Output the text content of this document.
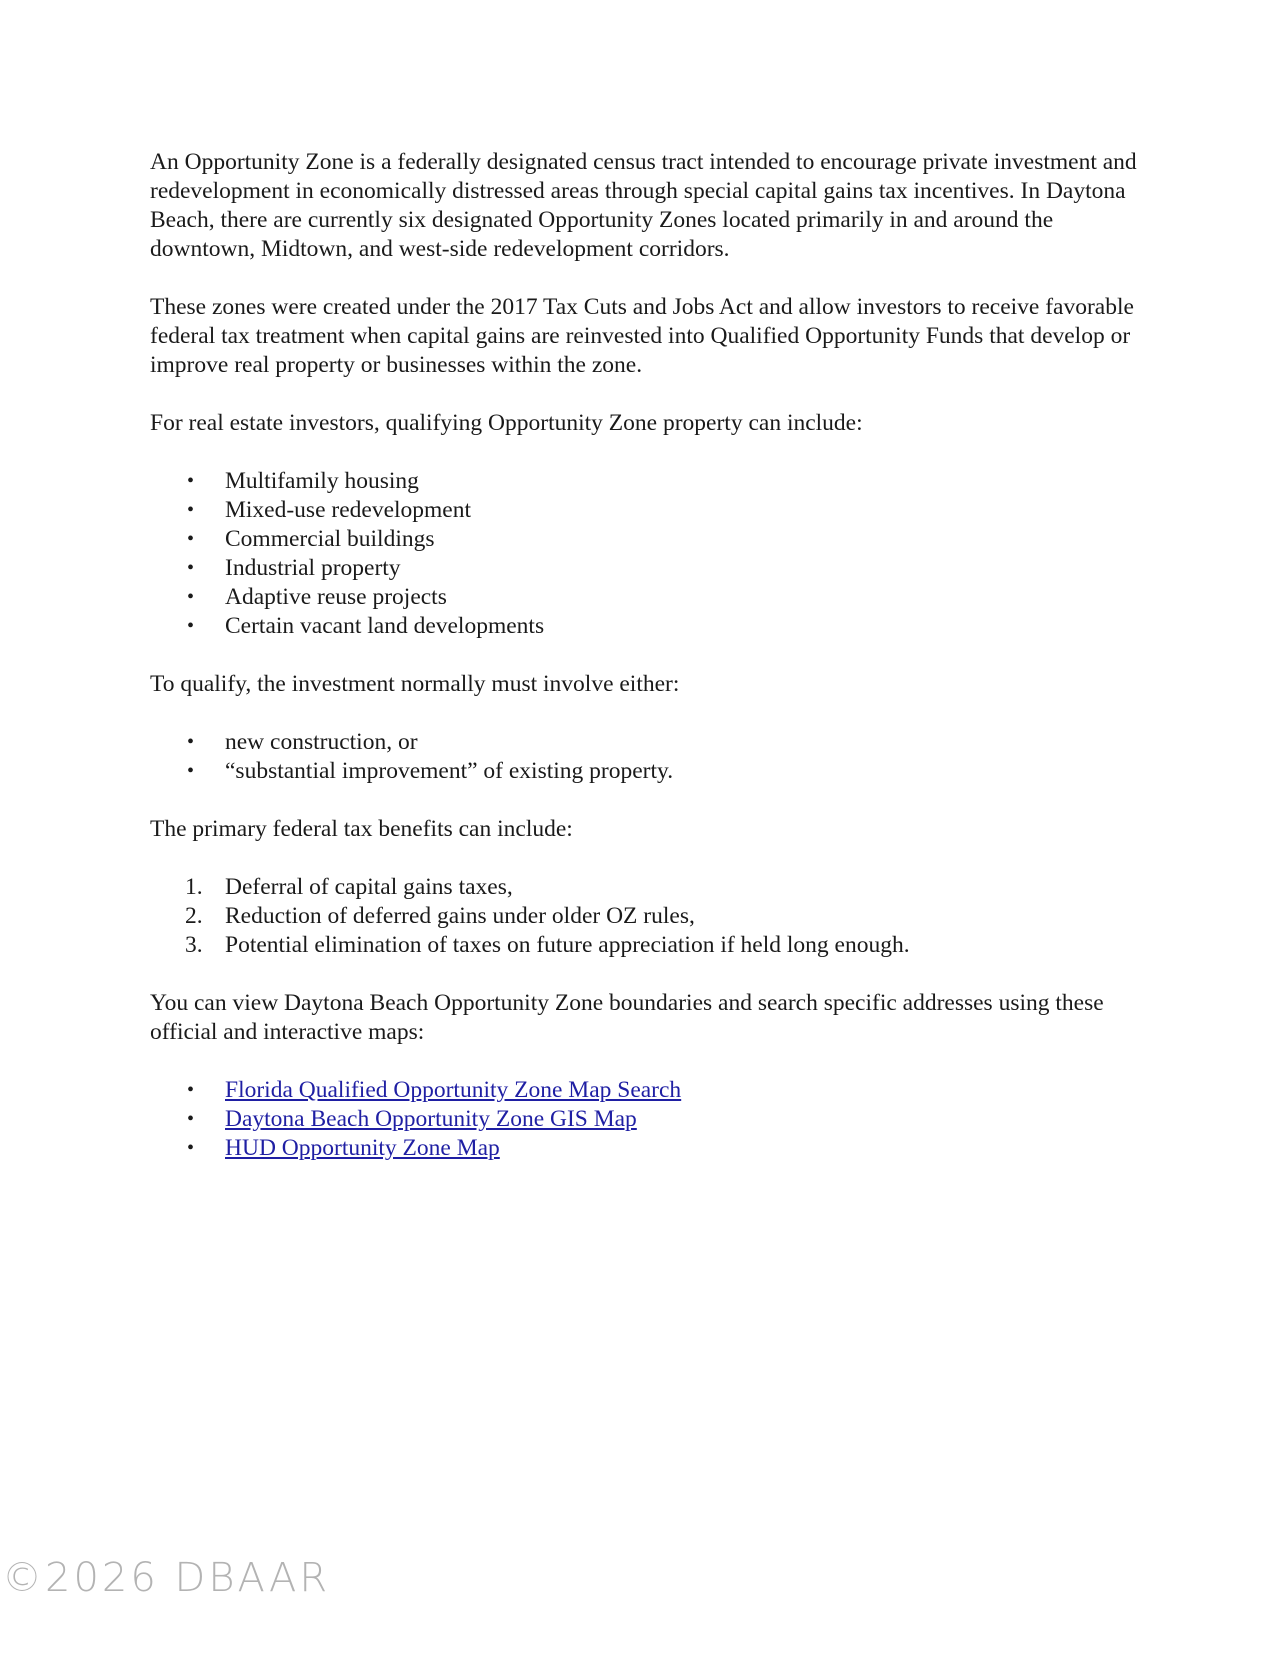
An Opportunity Zone is a federally designated census tract intended to encourage private investment and redevelopment in economically distressed areas through special capital gains tax incentives. In Daytona Beach, there are currently six designated Opportunity Zones located primarily in and around the downtown, Midtown, and west-side redevelopment corridors.

These zones were created under the 2017 Tax Cuts and Jobs Act and allow investors to receive favorable federal tax treatment when capital gains are reinvested into Qualified Opportunity Funds that develop or improve real property or businesses within the zone.

For real estate investors, qualifying Opportunity Zone property can include:

• Multifamily housing
• Mixed-use redevelopment
• Commercial buildings
• Industrial property
• Adaptive reuse projects
• Certain vacant land developments

To qualify, the investment normally must involve either:

• new construction, or
• “substantial improvement” of existing property.

The primary federal tax benefits can include:

1. Deferral of capital gains taxes,
2. Reduction of deferred gains under older OZ rules,
3. Potential elimination of taxes on future appreciation if held long enough.

You can view Daytona Beach Opportunity Zone boundaries and search specific addresses using these official and interactive maps:

• Florida Qualified Opportunity Zone Map Search
• Daytona Beach Opportunity Zone GIS Map
• HUD Opportunity Zone Map
©2026 DBAAR
